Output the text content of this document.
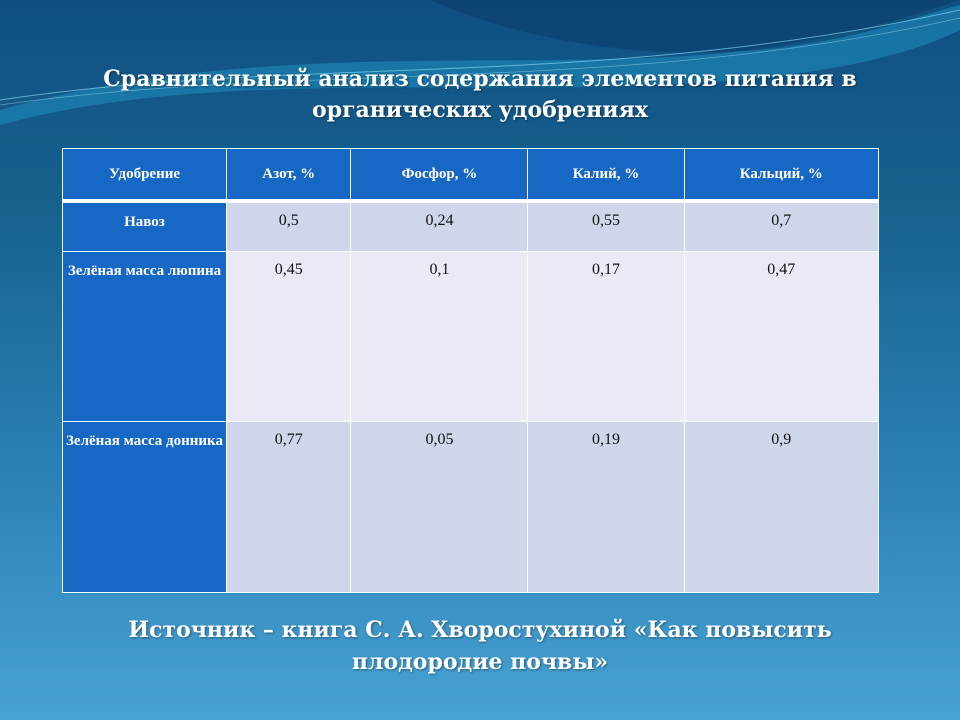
Сравнительный анализ содержания элементов питания в органических удобрениях
Удобрение	Азот, %	Фосфор, %	Калий, %	Кальций, %
Навоз	0,5	0,24	0,55	0,7
Зелёная масса люпина	0,45	0,1	0,17	0,47
Зелёная масса донника	0,77	0,05	0,19	0,9
Источник – книга С. А. Хворостухиной «Как повысить плодородие почвы»
